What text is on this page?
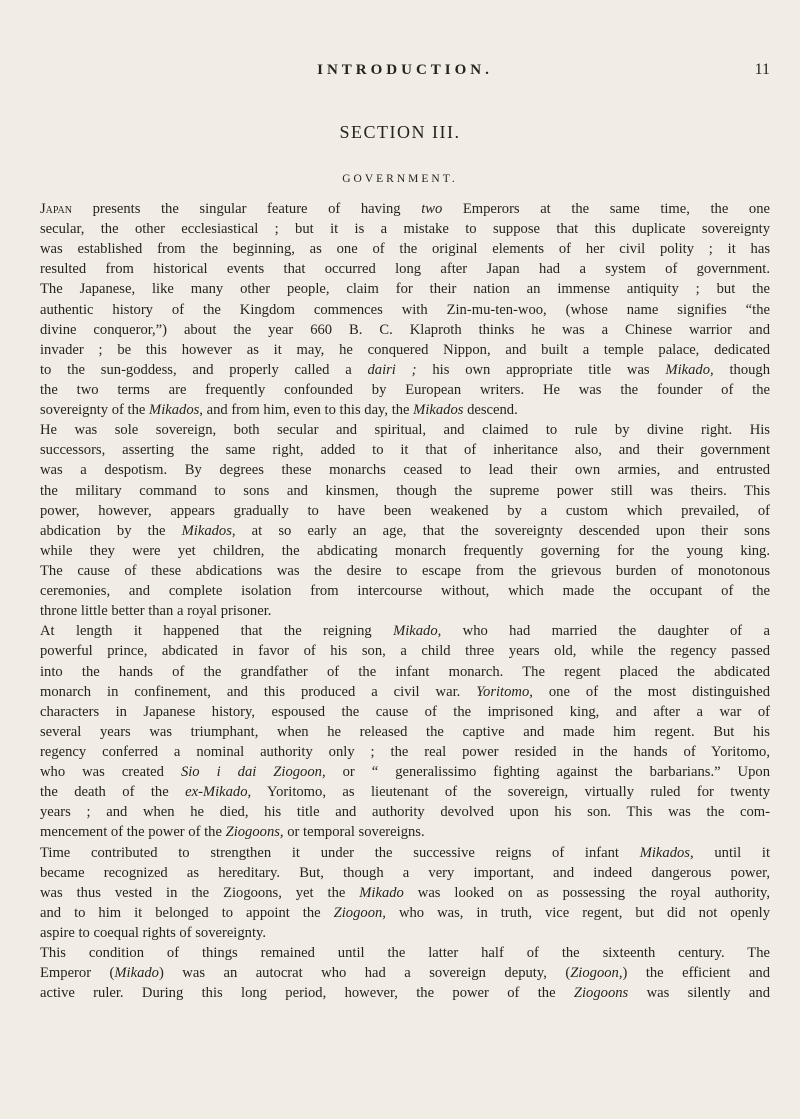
INTRODUCTION.	11
SECTION III.
GOVERNMENT.
Japan presents the singular feature of having two Emperors at the same time, the one
secular, the other ecclesiastical ; but it is a mistake to suppose that this duplicate sovereignty
was established from the beginning, as one of the original elements of her civil polity ; it has
resulted from historical events that occurred long after Japan had a system of government.
The Japanese, like many other people, claim for their nation an immense antiquity ; but the
authentic history of the Kingdom commences with Zin-mu-ten-woo, (whose name signifies “the
divine conqueror,”) about the year 660 B. C. Klaproth thinks he was a Chinese warrior and
invader ; be this however as it may, he conquered Nippon, and built a temple palace, dedicated
to the sun-goddess, and properly called a dairi ; his own appropriate title was Mikado, though
the two terms are frequently confounded by European writers. He was the founder of the
sovereignty of the Mikados, and from him, even to this day, the Mikados descend.
He was sole sovereign, both secular and spiritual, and claimed to rule by divine right. His
successors, asserting the same right, added to it that of inheritance also, and their government
was a despotism. By degrees these monarchs ceased to lead their own armies, and entrusted
the military command to sons and kinsmen, though the supreme power still was theirs. This
power, however, appears gradually to have been weakened by a custom which prevailed, of
abdication by the Mikados, at so early an age, that the sovereignty descended upon their sons
while they were yet children, the abdicating monarch frequently governing for the young king.
The cause of these abdications was the desire to escape from the grievous burden of monotonous
ceremonies, and complete isolation from intercourse without, which made the occupant of the
throne little better than a royal prisoner.
At length it happened that the reigning Mikado, who had married the daughter of a
powerful prince, abdicated in favor of his son, a child three years old, while the regency passed
into the hands of the grandfather of the infant monarch. The regent placed the abdicated
monarch in confinement, and this produced a civil war. Yoritomo, one of the most distinguished
characters in Japanese history, espoused the cause of the imprisoned king, and after a war of
several years was triumphant, when he released the captive and made him regent. But his
regency conferred a nominal authority only ; the real power resided in the hands of Yoritomo,
who was created Sio i dai Ziogoon, or “ generalissimo fighting against the barbarians.” Upon
the death of the ex-Mikado, Yoritomo, as lieutenant of the sovereign, virtually ruled for twenty
years ; and when he died, his title and authority devolved upon his son. This was the com-
mencement of the power of the Ziogoons, or temporal sovereigns.
Time contributed to strengthen it under the successive reigns of infant Mikados, until it
became recognized as hereditary. But, though a very important, and indeed dangerous power,
was thus vested in the Ziogoons, yet the Mikado was looked on as possessing the royal authority,
and to him it belonged to appoint the Ziogoon, who was, in truth, vice regent, but did not openly
aspire to coequal rights of sovereignty.
This condition of things remained until the latter half of the sixteenth century. The
Emperor (Mikado) was an autocrat who had a sovereign deputy, (Ziogoon,) the efficient and
active ruler. During this long period, however, the power of the Ziogoons was silently and
